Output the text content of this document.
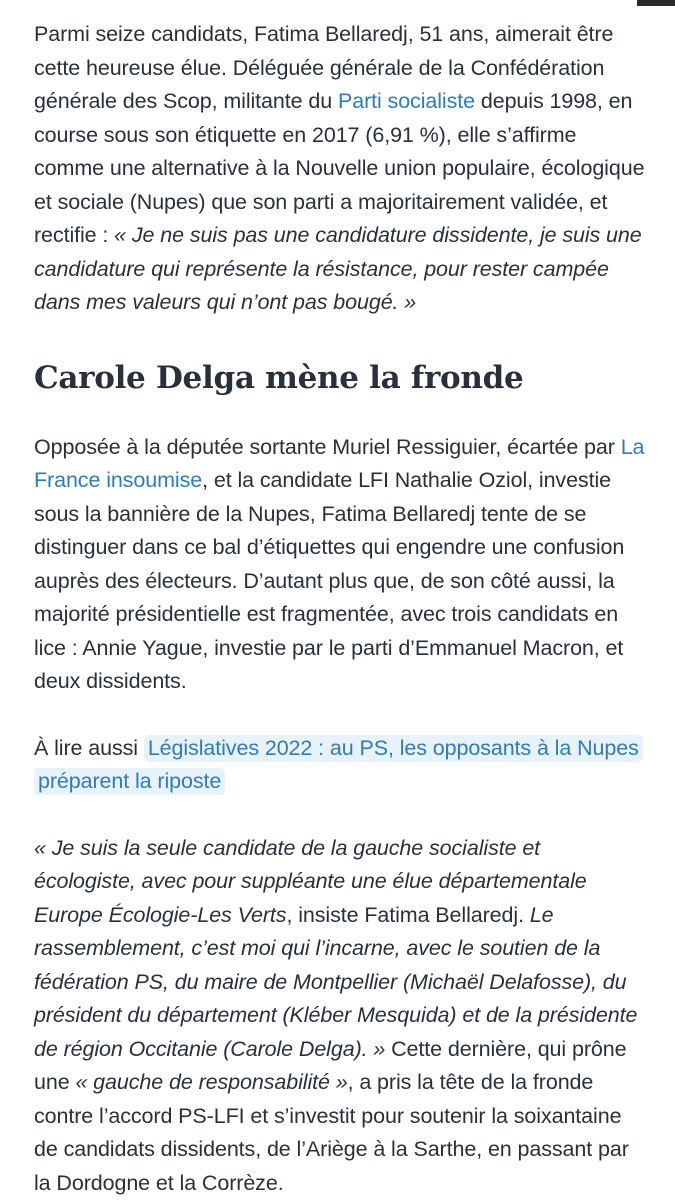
Parmi seize candidats, Fatima Bellaredj, 51 ans, aimerait être cette heureuse élue. Déléguée générale de la Confédération générale des Scop, militante du Parti socialiste depuis 1998, en course sous son étiquette en 2017 (6,91 %), elle s’affirme comme une alternative à la Nouvelle union populaire, écologique et sociale (Nupes) que son parti a majoritairement validée, et rectifie : « Je ne suis pas une candidature dissidente, je suis une candidature qui représente la résistance, pour rester campée dans mes valeurs qui n’ont pas bougé. »

Carole Delga mène la fronde

Opposée à la députée sortante Muriel Ressiguier, écartée par La France insoumise, et la candidate LFI Nathalie Oziol, investie sous la bannière de la Nupes, Fatima Bellaredj tente de se distinguer dans ce bal d’étiquettes qui engendre une confusion auprès des électeurs. D’autant plus que, de son côté aussi, la majorité présidentielle est fragmentée, avec trois candidats en lice : Annie Yague, investie par le parti d’Emmanuel Macron, et deux dissidents.

À lire aussi Législatives 2022 : au PS, les opposants à la Nupes préparent la riposte

« Je suis la seule candidate de la gauche socialiste et écologiste, avec pour suppléante une élue départementale Europe Écologie-Les Verts, insiste Fatima Bellaredj. Le rassemblement, c’est moi qui l’incarne, avec le soutien de la fédération PS, du maire de Montpellier (Michaël Delafosse), du président du département (Kléber Mesquida) et de la présidente de région Occitanie (Carole Delga). » Cette dernière, qui prône une « gauche de responsabilité », a pris la tête de la fronde contre l’accord PS-LFI et s’investit pour soutenir la soixantaine de candidats dissidents, de l’Ariège à la Sarthe, en passant par la Dordogne et la Corrèze.
